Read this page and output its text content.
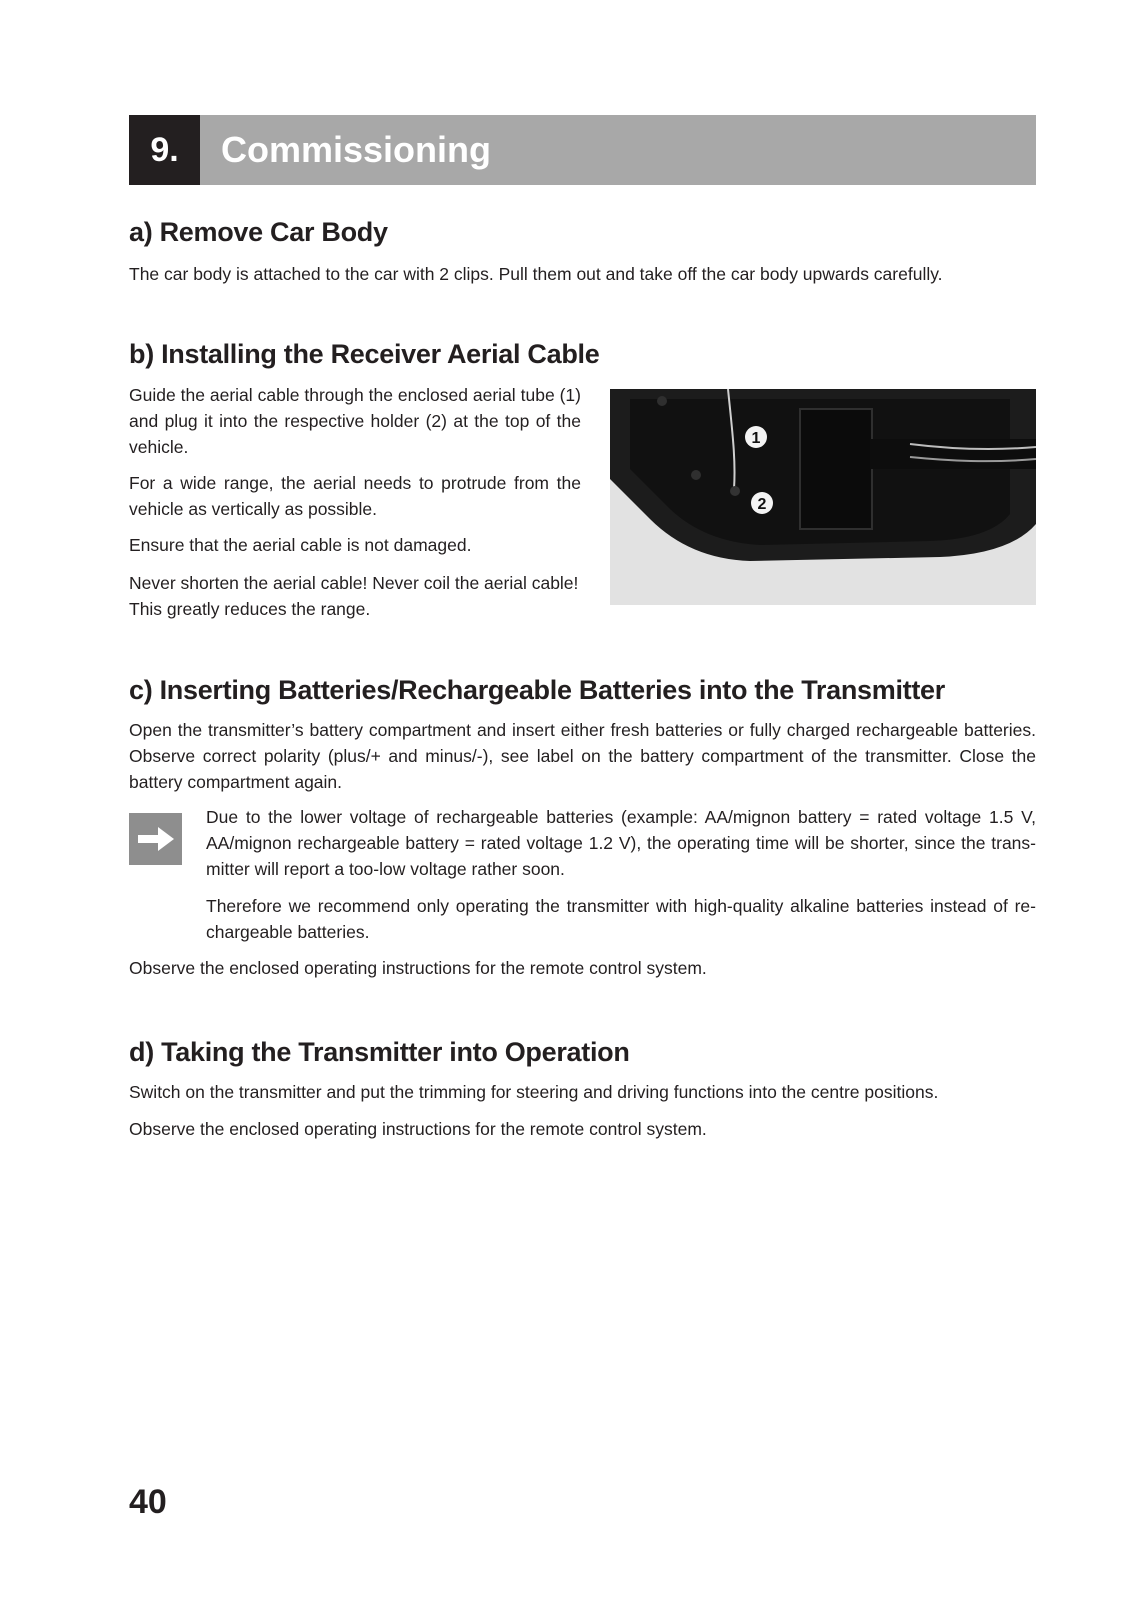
9.	Commissioning
a) Remove Car Body

The car body is attached to the car with 2 clips. Pull them out and take off the car body upwards carefully.

b) Installing the Receiver Aerial Cable

Guide the aerial cable through the enclosed aerial tube (1) and plug it into the respective holder (2) at the top of the vehicle.

For a wide range, the aerial needs to protrude from the vehicle as vertically as possible.

Ensure that the aerial cable is not damaged.

Never shorten the aerial cable! Never coil the aerial cable! This greatly reduces the range.

1
2
c) Inserting Batteries/Rechargeable Batteries into the Transmitter

Open the transmitter’s battery compartment and insert either fresh batteries or fully charged rechargeable batteries. Observe correct polarity (plus/+ and minus/-), see label on the battery compartment of the transmitter. Close the battery compartment again.

Due to the lower voltage of rechargeable batteries (example: AA/mignon battery = rated voltage 1.5 V, AA/mignon rechargeable battery = rated voltage 1.2 V), the operating time will be shorter, since the trans-mitter will report a too-low voltage rather soon.

Therefore we recommend only operating the transmitter with high-quality alkaline batteries instead of re-chargeable batteries.

Observe the enclosed operating instructions for the remote control system.

d) Taking the Transmitter into Operation

Switch on the transmitter and put the trimming for steering and driving functions into the centre positions.

Observe the enclosed operating instructions for the remote control system.

40
